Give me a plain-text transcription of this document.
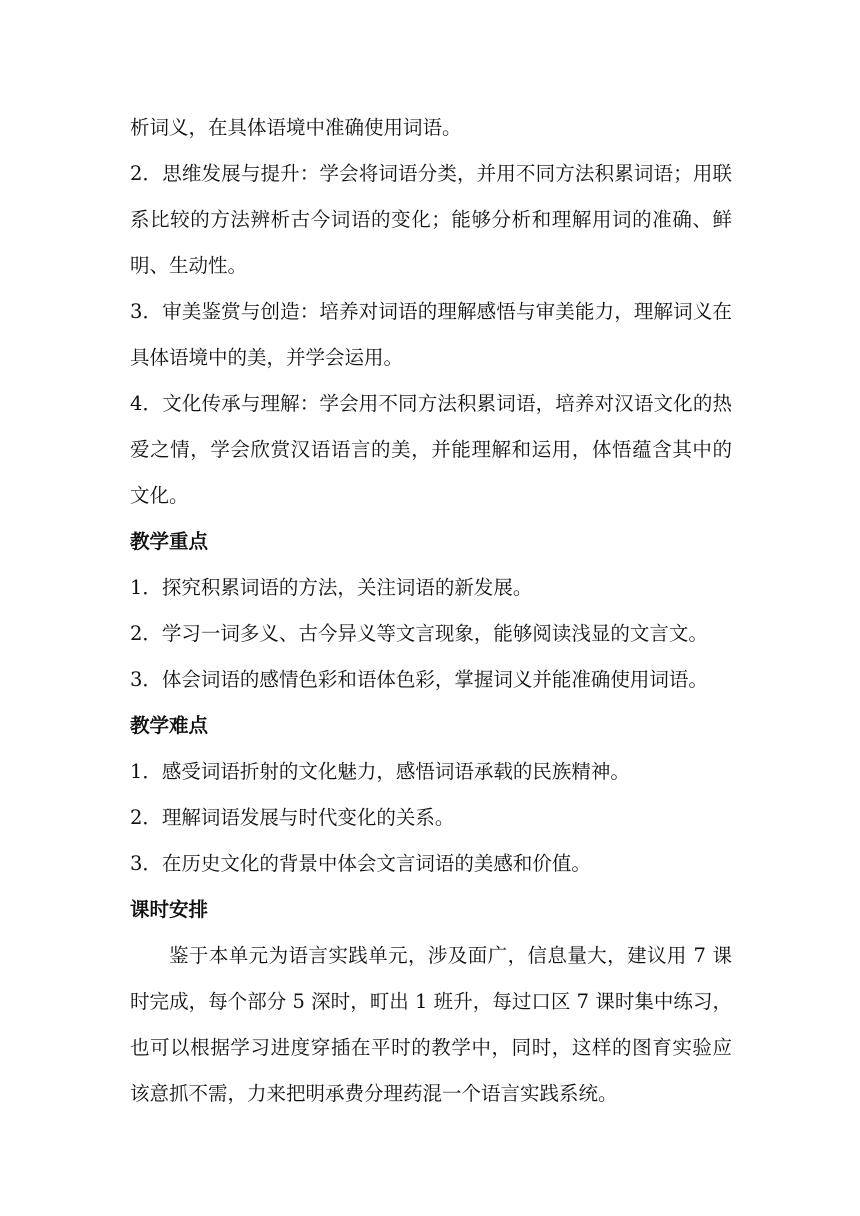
析词义，在具体语境中准确使用词语。

2．思维发展与提升：学会将词语分类，并用不同方法积累词语；用联系比较的方法辨析古今词语的变化；能够分析和理解用词的准确、鲜明、生动性。

3．审美鉴赏与创造：培养对词语的理解感悟与审美能力，理解词义在具体语境中的美，并学会运用。

4．文化传承与理解：学会用不同方法积累词语，培养对汉语文化的热爱之情，学会欣赏汉语语言的美，并能理解和运用，体悟蕴含其中的文化。

教学重点

1．探究积累词语的方法，关注词语的新发展。

2．学习一词多义、古今异义等文言现象，能够阅读浅显的文言文。

3．体会词语的感情色彩和语体色彩，掌握词义并能准确使用词语。

教学难点

1．感受词语折射的文化魅力，感悟词语承载的民族精神。

2．理解词语发展与时代变化的关系。

3．在历史文化的背景中体会文言词语的美感和价值。

课时安排

鉴于本单元为语言实践单元，涉及面广，信息量大，建议用 7 课时完成，每个部分 5 深时，町出 1 班升，每过口区 7 课时集中练习，也可以根据学习进度穿插在平时的教学中，同时，这样的图育实验应该意抓不需，力来把明承费分理药混一个语言实践系统。
